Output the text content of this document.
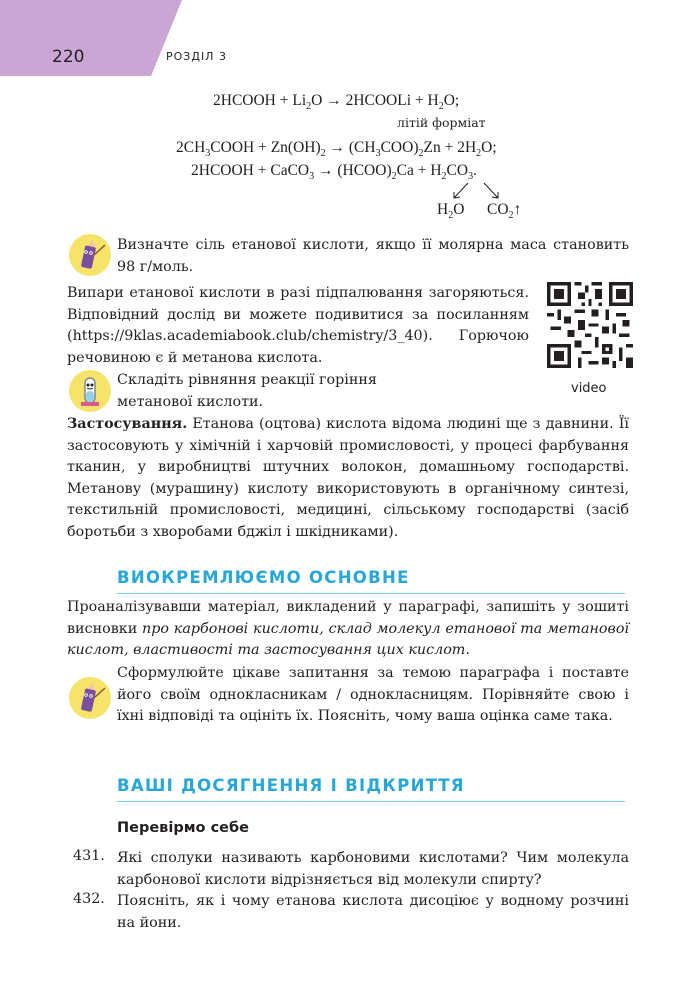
220	РОЗДІЛ 3
2HCOOH + $Li_2O$ → 2HCOOLi + $H_2O$;
літій форміат
$2CH_3COOH + Zn(OH)_2 \to (CH_3COO)_2Zn + 2H_2O$;
2HCOOH + CaCO$_3$ → $(HCOO)_2Ca + H_2CO_3$.
$H_2O$ $CO_2↑$
Визначте сіль етанової кислоти, якщо її молярна маса становить 98 г/моль.
Випари етанової кислоти в разі підпалювання загоряються. Відповідний дослід ви можете подивитися за посиланням (https://9klas.academiabook.club/chemistry/3_40). Горючою речовиною є й метанова кислота.
video
Складіть рівняння реакції горіння метанової кислоти.
Застосування. Етанова (оцтова) кислота відома людині ще з давнини. Її застосовують у хімічній і харчовій промисловості, у процесі фарбування тканин, у виробництві штучних волокон, домашньому господарстві. Метанову (мурашину) кислоту використовують в органічному синтезі, текстильній промисловості, медицині, сільському господарстві (засіб боротьби з хворобами бджіл і шкідниками).
ВИОКРЕМЛЮЄМО ОСНОВНЕ
Проаналізувавши матеріал, викладений у параграфі, запишіть у зошиті висновки про карбонові кислоти, склад молекул етанової та метанової кислот, властивості та застосування цих кислот.
Сформулюйте цікаве запитання за темою параграфа і поставте його своїм однокласникам / однокласницям. Порівняйте свою і їхні відповіді та оцініть їх. Поясніть, чому ваша оцінка саме така.
ВАШІ ДОСЯГНЕННЯ І ВІДКРИТТЯ
Перевірмо себе
431. Які сполуки називають карбоновими кислотами? Чим молекула карбонової кислоти відрізняється від молекули спирту?
432. Поясніть, як і чому етанова кислота дисоціює у водному розчині на йони.
